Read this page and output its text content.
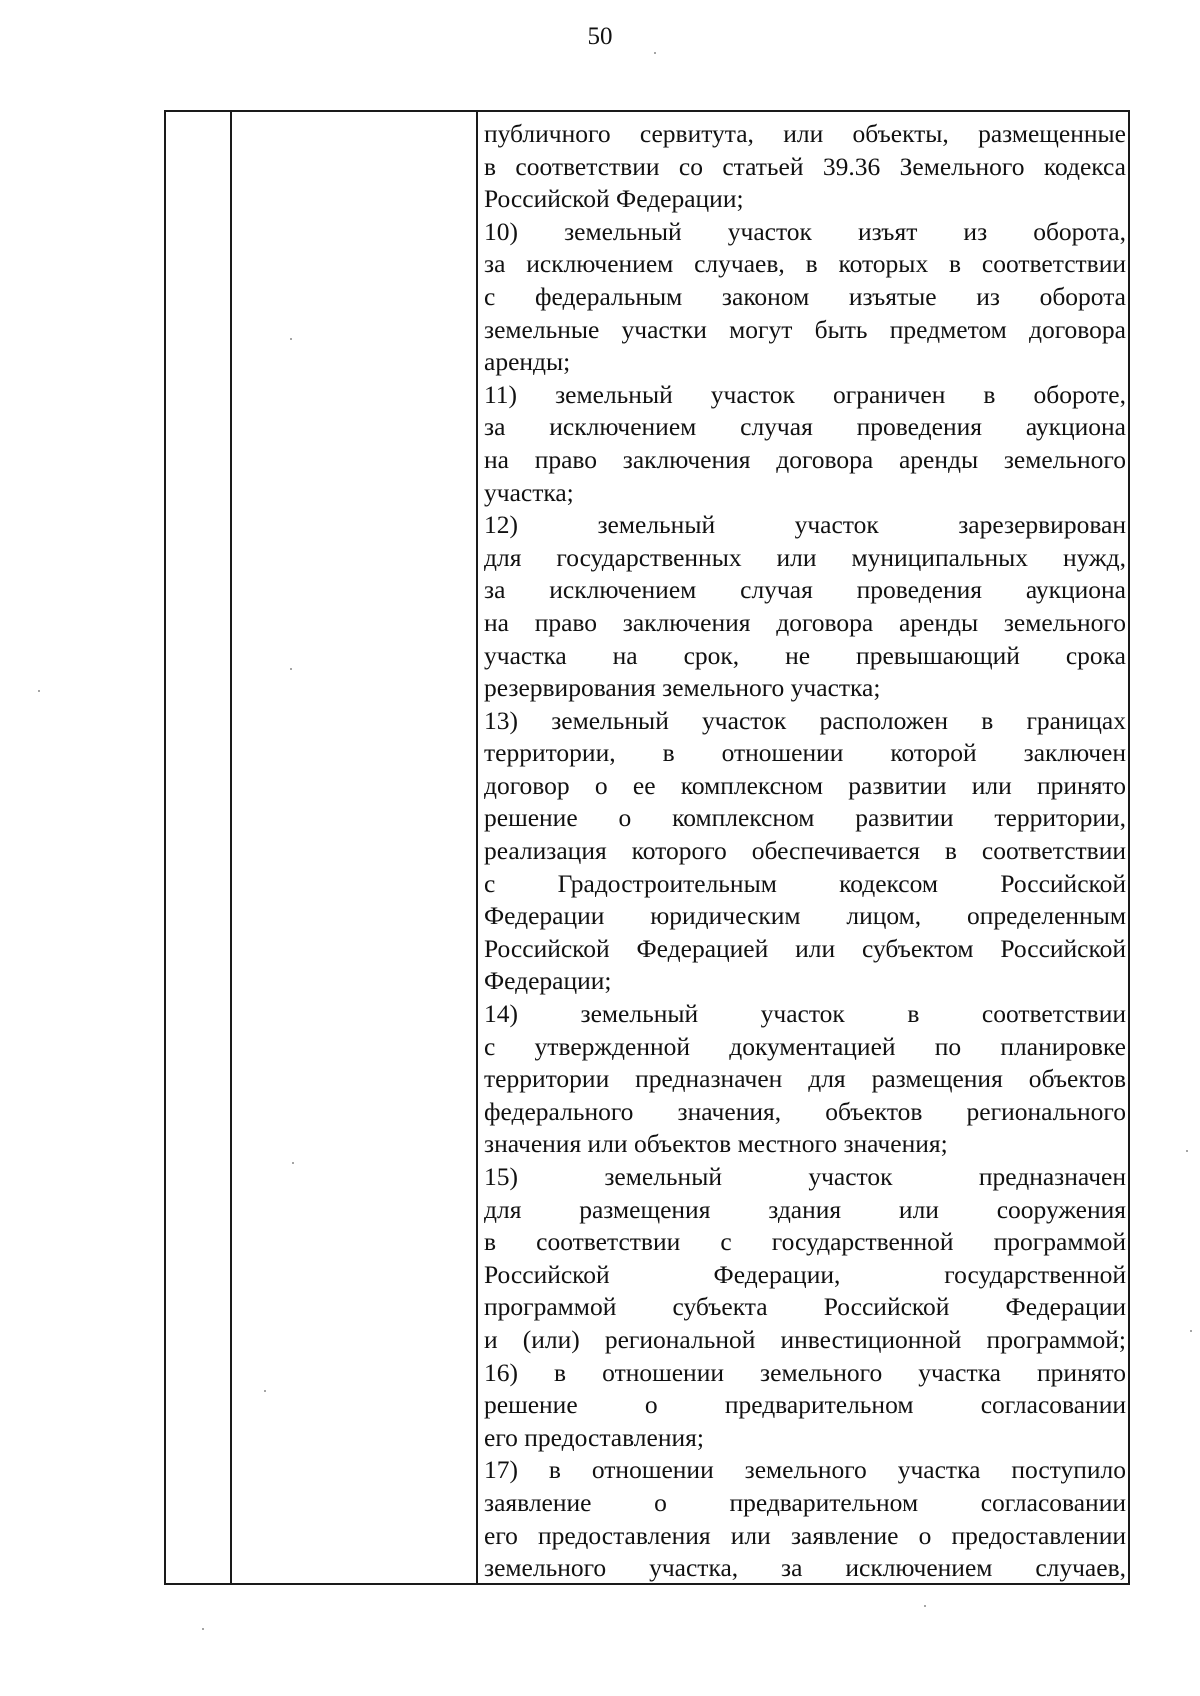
50
публичного сервитута, или объекты, размещенные
в соответствии со статьей 39.36 Земельного кодекса
Российской Федерации;
10) земельный участок изъят из оборота,
за исключением случаев, в которых в соответствии
с федеральным законом изъятые из оборота
земельные участки могут быть предметом договора
аренды;
11) земельный участок ограничен в обороте,
за исключением случая проведения аукциона
на право заключения договора аренды земельного
участка;
12) земельный участок зарезервирован
для государственных или муниципальных нужд,
за исключением случая проведения аукциона
на право заключения договора аренды земельного
участка на срок, не превышающий срока
резервирования земельного участка;
13) земельный участок расположен в границах
территории, в отношении которой заключен
договор о ее комплексном развитии или принято
решение о комплексном развитии территории,
реализация которого обеспечивается в соответствии
с Градостроительным кодексом Российской
Федерации юридическим лицом, определенным
Российской Федерацией или субъектом Российской
Федерации;
14) земельный участок в соответствии
с утвержденной документацией по планировке
территории предназначен для размещения объектов
федерального значения, объектов регионального
значения или объектов местного значения;
15) земельный участок предназначен
для размещения здания или сооружения
в соответствии с государственной программой
Российской Федерации, государственной
программой субъекта Российской Федерации
и (или) региональной инвестиционной программой;
16) в отношении земельного участка принято
решение о предварительном согласовании
его предоставления;
17) в отношении земельного участка поступило
заявление о предварительном согласовании
его предоставления или заявление о предоставлении
земельного участка, за исключением случаев,
